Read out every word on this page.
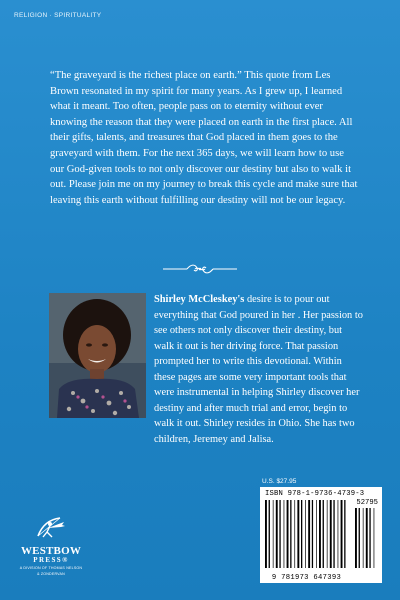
RELIGION · SPIRITUALITY

“The graveyard is the richest place on earth.” This quote from Les Brown resonated in my spirit for many years. As I grew up, I learned what it meant. Too often, people pass on to eternity without ever knowing the reason that they were placed on earth in the first place. All their gifts, talents, and treasures that God placed in them goes to the graveyard with them. For the next 365 days, we will learn how to use our God-given tools to not only discover our destiny but also to walk it out. Please join me on my journey to break this cycle and make sure that leaving this earth without fulfilling our destiny will not be our legacy.

Shirley McCleskey's desire is to pour out everything that God poured in her . Her passion to see others not only discover their destiny, but walk it out is her driving force. That passion prompted her to write this devotional. Within these pages are some very important tools that were instrumental in helping Shirley discover her destiny and after much trial and error, begin to walk it out. Shirley resides in Ohio. She has two children, Jeremey and Jalisa.

WESTBOW
PRESS®
A DIVISION OF THOMAS NELSON
& ZONDERVAN
U.S. $27.95
ISBN 978-1-9736-4739-3
52795
9 781973 647393
